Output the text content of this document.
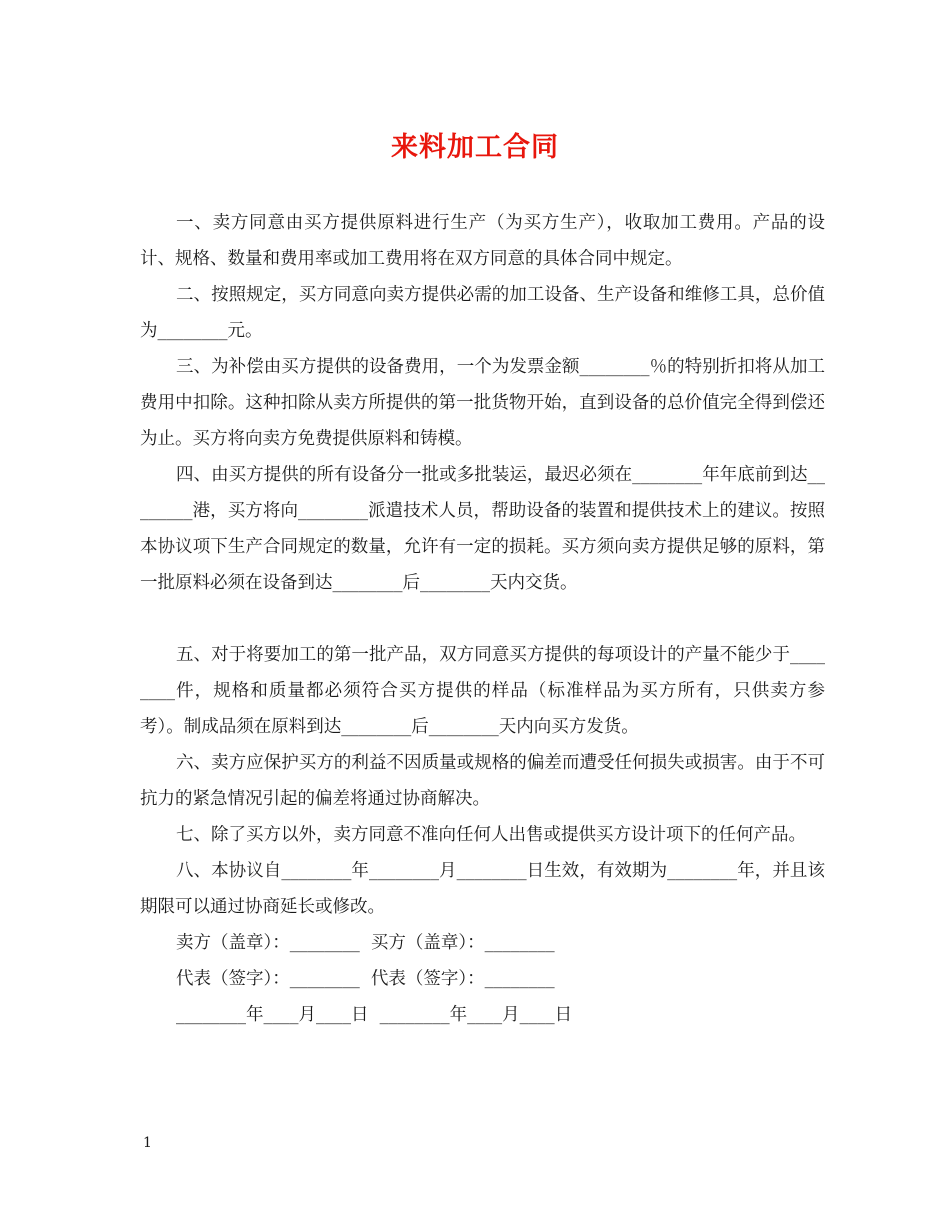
来料加工合同

一、卖方同意由买方提供原料进行生产（为买方生产），收取加工费用。产品的设计、规格、数量和费用率或加工费用将在双方同意的具体合同中规定。

二、按照规定，买方同意向卖方提供必需的加工设备、生产设备和维修工具，总价值为________元。

三、为补偿由买方提供的设备费用，一个为发票金额________％的特别折扣将从加工费用中扣除。这种扣除从卖方所提供的第一批货物开始，直到设备的总价值完全得到偿还为止。买方将向卖方免费提供原料和铸模。

四、由买方提供的所有设备分一批或多批装运，最迟必须在________年年底前到达________港，买方将向________派遣技术人员，帮助设备的装置和提供技术上的建议。按照本协议项下生产合同规定的数量，允许有一定的损耗。买方须向卖方提供足够的原料，第一批原料必须在设备到达________后________天内交货。

五、对于将要加工的第一批产品，双方同意买方提供的每项设计的产量不能少于________件，规格和质量都必须符合买方提供的样品（标准样品为买方所有，只供卖方参考）。制成品须在原料到达________后________天内向买方发货。

六、卖方应保护买方的利益不因质量或规格的偏差而遭受任何损失或损害。由于不可抗力的紧急情况引起的偏差将通过协商解决。

七、除了买方以外，卖方同意不准向任何人出售或提供买方设计项下的任何产品。

八、本协议自________年________月________日生效，有效期为________年，并且该期限可以通过协商延长或修改。

卖方（盖章）：________  买方（盖章）：________

代表（签字）：________  代表（签字）：________

________年____月____日  ________年____月____日

1
